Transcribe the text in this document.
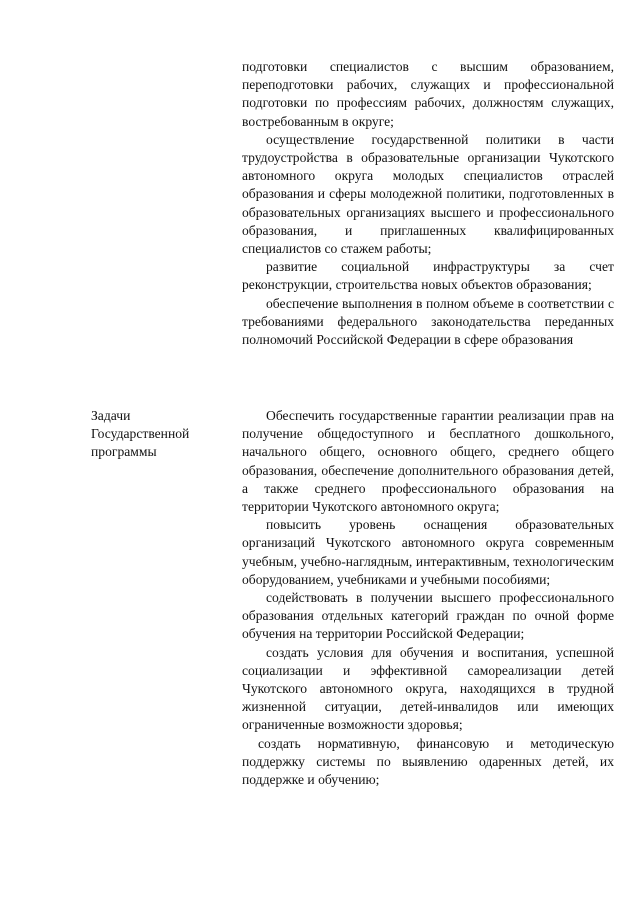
подготовки специалистов с высшим образованием, переподготовки рабочих, служащих и профессиональной подготовки по профессиям рабочих, должностям служащих, востребованным в округе;

осуществление государственной политики в части трудоустройства в образовательные организации Чукотского автономного округа молодых специалистов отраслей образования и сферы молодежной политики, подготовленных в образовательных организациях высшего и профессионального образования, и приглашенных квалифицированных специалистов со стажем работы;

развитие социальной инфраструктуры за счет реконструкции, строительства новых объектов образования;

обеспечение выполнения в полном объеме в соответствии с требованиями федерального законодательства переданных полномочий Российской Федерации в сфере образования

Задачи
Государственной
программы

Обеспечить государственные гарантии реализации прав на получение общедоступного и бесплатного дошкольного, начального общего, основного общего, среднего общего образования, обеспечение дополнительного образования детей, а также среднего профессионального образования на территории Чукотского автономного округа;

повысить уровень оснащения образовательных организаций Чукотского автономного округа современным учебным, учебно-наглядным, интерактивным, технологическим оборудованием, учебниками и учебными пособиями;

содействовать в получении высшего профессионального образования отдельных категорий граждан по очной форме обучения на территории Российской Федерации;

создать условия для обучения и воспитания, успешной социализации и эффективной самореализации детей Чукотского автономного округа, находящихся в трудной жизненной ситуации, детей-инвалидов или имеющих ограниченные возможности здоровья;

создать нормативную, финансовую и методическую поддержку системы по выявлению одаренных детей, их поддержке и обучению;
